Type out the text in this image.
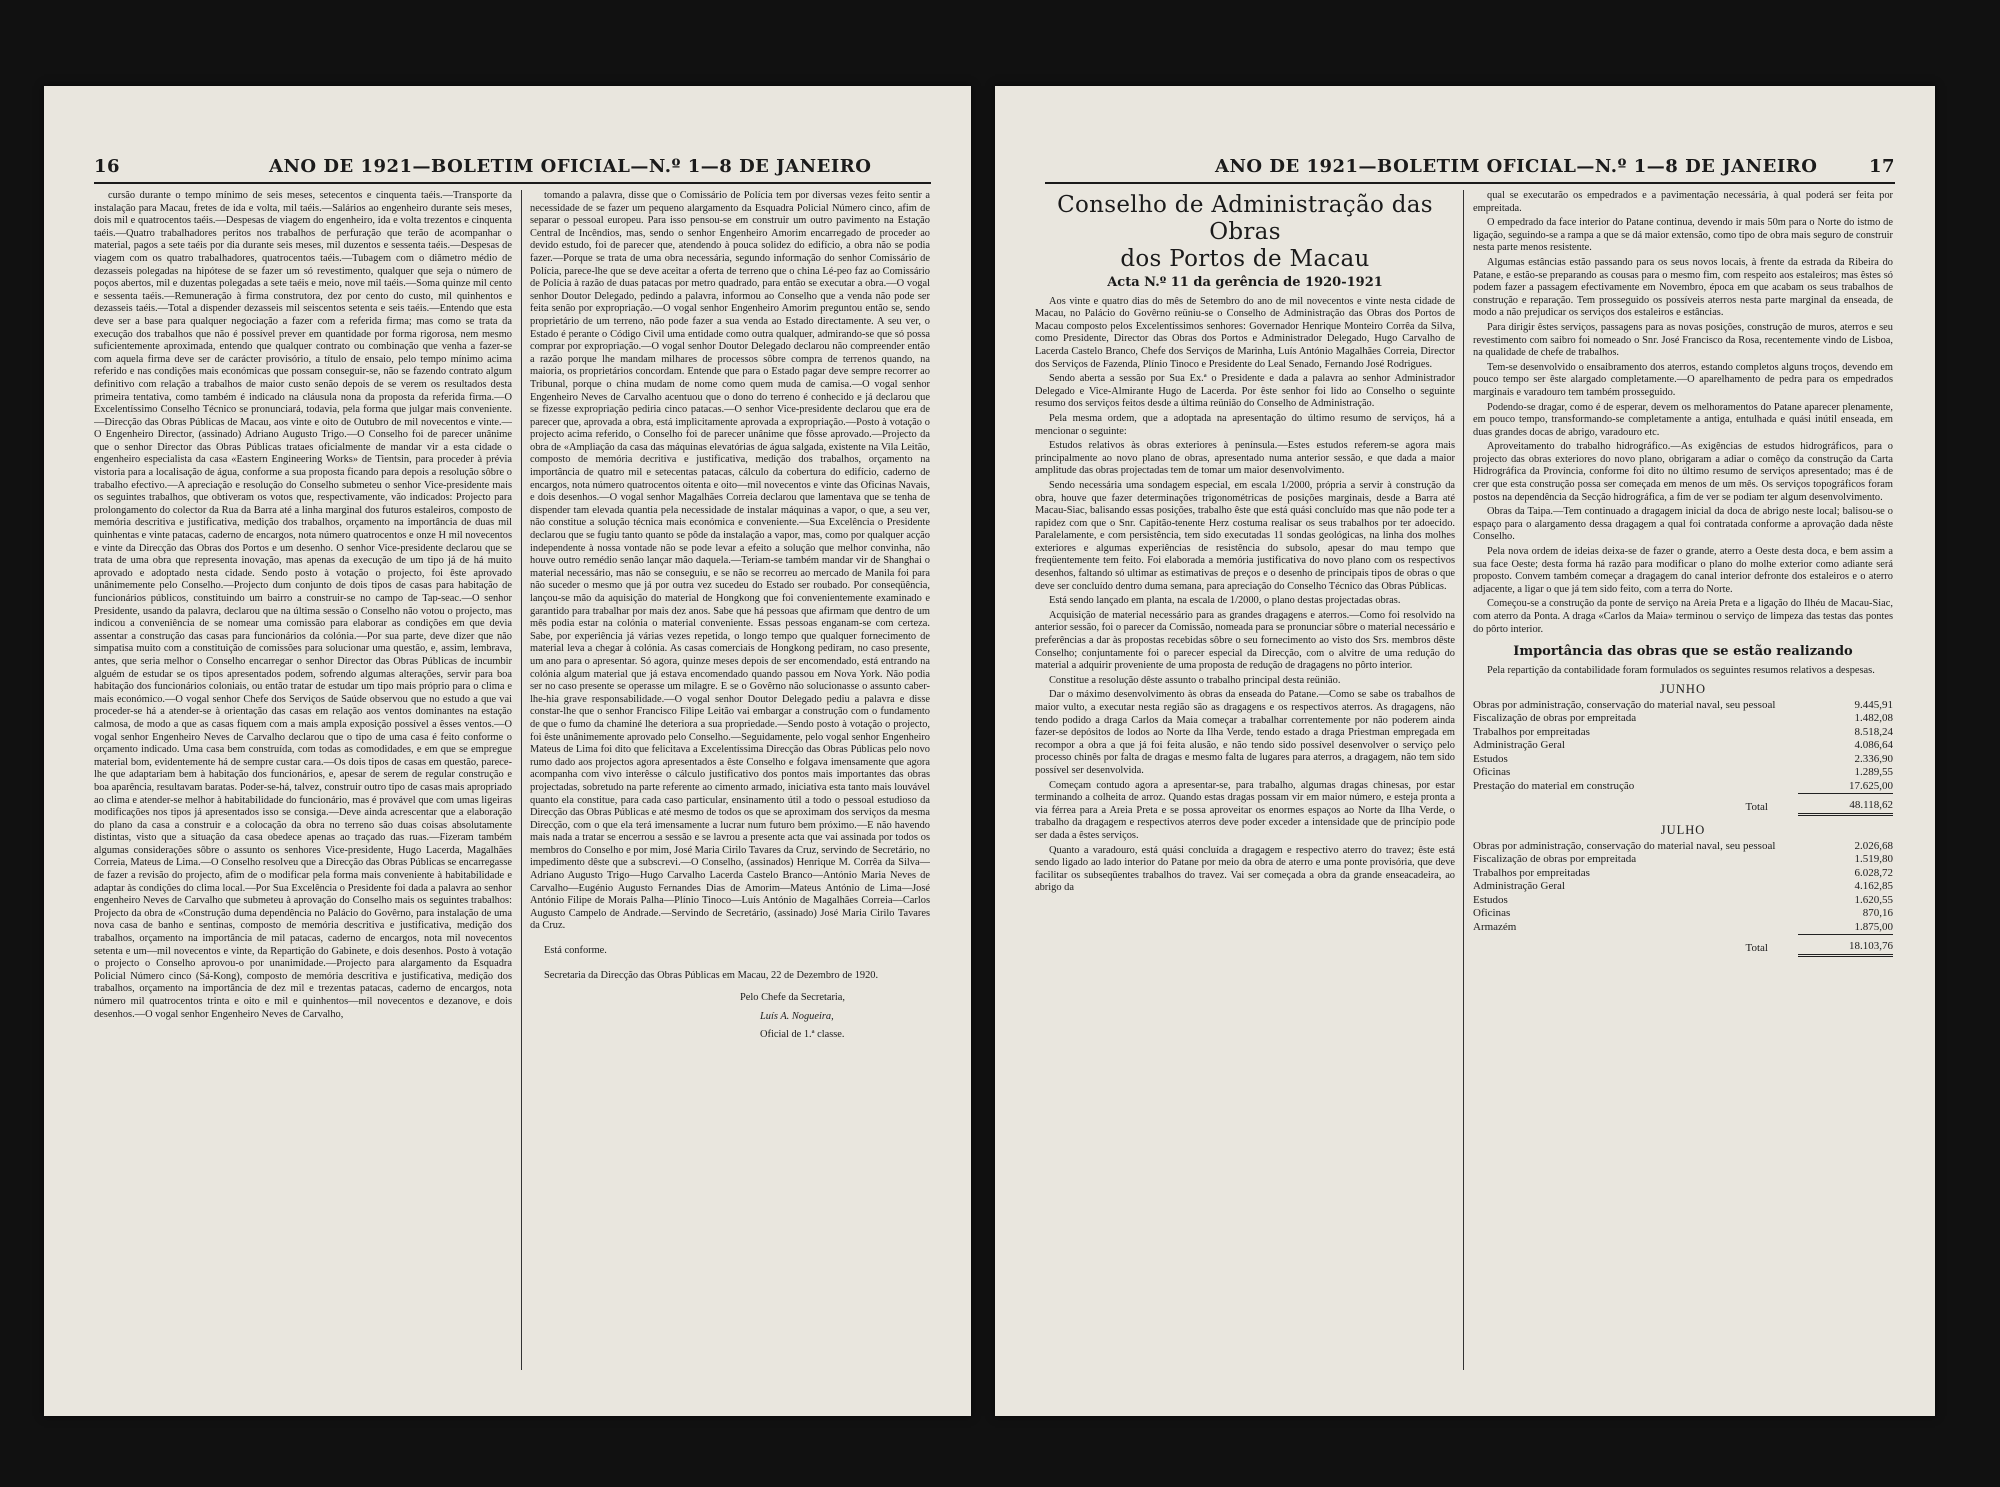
16	ANO DE 1921—BOLETIM OFICIAL—N.º 1—8 DE JANEIRO

cursão durante o tempo mínimo de seis meses, setecentos e cinquenta taéis.—Transporte da instalação para Macau, fretes de ida e volta, mil taéis.—Salários ao engenheiro durante seis meses, dois mil e quatrocentos taéis.—Despesas de viagem do engenheiro, ida e volta trezentos e cinquenta taéis.—Quatro trabalhadores peritos nos trabalhos de perfuração que terão de acompanhar o material, pagos a sete taéis por dia durante seis meses, mil duzentos e sessenta taéis.—Despesas de viagem com os quatro trabalhadores, quatrocentos taéis.—Tubagem com o diâmetro médio de dezasseis polegadas na hipótese de se fazer um só revestimento, qualquer que seja o número de poços abertos, mil e duzentas polegadas a sete taéis e meio, nove mil taéis.—Soma quinze mil cento e sessenta taéis.—Remuneração à firma construtora, dez por cento do custo, mil quinhentos e dezasseis taéis.—Total a dispender dezasseis mil seiscentos setenta e seis taéis.—Entendo que esta deve ser a base para qualquer negociação a fazer com a referida firma; mas como se trata da execução dos trabalhos que não é possível prever em quantidade por forma rigorosa, nem mesmo suficientemente aproximada, entendo que qualquer contrato ou combinação que venha a fazer-se com aquela firma deve ser de carácter provisório, a título de ensaio, pelo tempo mínimo acima referido e nas condições mais económicas que possam conseguir-se, não se fazendo contrato algum definitivo com relação a trabalhos de maior custo senão depois de se verem os resultados desta primeira tentativa, como também é indicado na cláusula nona da proposta da referida firma.—O Excelentíssimo Conselho Técnico se pronunciará, todavia, pela forma que julgar mais conveniente.—Direcção das Obras Públicas de Macau, aos vinte e oito de Outubro de mil novecentos e vinte.—O Engenheiro Director, (assinado) Adriano Augusto Trigo.—O Conselho foi de parecer unânime que o senhor Director das Obras Públicas trataes oficialmente de mandar vir a esta cidade o engenheiro especialista da casa «Eastern Engineering Works» de Tientsin, para proceder à prévia vistoria para a localisação de água, conforme a sua proposta ficando para depois a resolução sôbre o trabalho efectivo.—A apreciação e resolução do Conselho submeteu o senhor Vice-presidente mais os seguintes trabalhos, que obtiveram os votos que, respectivamente, vão indicados: Projecto para prolongamento do colector da Rua da Barra até a linha marginal dos futuros estaleiros, composto de memória descritiva e justificativa, medição dos trabalhos, orçamento na importância de duas mil quinhentas e vinte patacas, caderno de encargos, nota número quatrocentos e onze H mil novecentos e vinte da Direcção das Obras dos Portos e um desenho. O senhor Vice-presidente declarou que se trata de uma obra que representa inovação, mas apenas da execução de um tipo já de há muito aprovado e adoptado nesta cidade. Sendo posto à votação o projecto, foi êste aprovado unânimemente pelo Conselho.—Projecto dum conjunto de dois tipos de casas para habitação de funcionários públicos, constituindo um bairro a construir-se no campo de Tap-seac.—O senhor Presidente, usando da palavra, declarou que na última sessão o Conselho não votou o projecto, mas indicou a conveniência de se nomear uma comissão para elaborar as condições em que devia assentar a construção das casas para funcionários da colónia.—Por sua parte, deve dizer que não simpatisa muito com a constituição de comissões para solucionar uma questão, e, assim, lembrava, antes, que seria melhor o Conselho encarregar o senhor Director das Obras Públicas de incumbir alguém de estudar se os tipos apresentados podem, sofrendo algumas alterações, servir para boa habitação dos funcionários coloniais, ou então tratar de estudar um tipo mais próprio para o clima e mais económico.—O vogal senhor Chefe dos Serviços de Saúde observou que no estudo a que vai proceder-se há a atender-se à orientação das casas em relação aos ventos dominantes na estação calmosa, de modo a que as casas fiquem com a mais ampla exposição possível a êsses ventos.—O vogal senhor Engenheiro Neves de Carvalho declarou que o tipo de uma casa é feito conforme o orçamento indicado. Uma casa bem construída, com todas as comodidades, e em que se empregue material bom, evidentemente há de sempre custar cara.—Os dois tipos de casas em questão, parece-lhe que adaptariam bem à habitação dos funcionários, e, apesar de serem de regular construção e boa aparência, resultavam baratas. Poder-se-há, talvez, construir outro tipo de casas mais apropriado ao clima e atender-se melhor à habitabilidade do funcionário, mas é provável que com umas ligeiras modificações nos tipos já apresentados isso se consiga.—Deve ainda acrescentar que a elaboração do plano da casa a construir e a colocação da obra no terreno são duas coisas absolutamente distintas, visto que a situação da casa obedece apenas ao traçado das ruas.—Fizeram também algumas considerações sôbre o assunto os senhores Vice-presidente, Hugo Lacerda, Magalhães Correia, Mateus de Lima.—O Conselho resolveu que a Direcção das Obras Públicas se encarregasse de fazer a revisão do projecto, afim de o modificar pela forma mais conveniente à habitabilidade e adaptar às condições do clima local.—Por Sua Excelência o Presidente foi dada a palavra ao senhor engenheiro Neves de Carvalho que submeteu à aprovação do Conselho mais os seguintes trabalhos: Projecto da obra de «Construção duma dependência no Palácio do Govêrno, para instalação de uma nova casa de banho e sentinas, composto de memória descritiva e justificativa, medição dos trabalhos, orçamento na importância de mil patacas, caderno de encargos, nota mil novecentos setenta e um—mil novecentos e vinte, da Repartição do Gabinete, e dois desenhos. Posto à votação o projecto o Conselho aprovou-o por unanimidade.—Projecto para alargamento da Esquadra Policial Número cinco (Sá-Kong), composto de memória descritiva e justificativa, medição dos trabalhos, orçamento na importância de dez mil e trezentas patacas, caderno de encargos, nota número mil quatrocentos trinta e oito e mil e quinhentos—mil novecentos e dezanove, e dois desenhos.—O vogal senhor Engenheiro Neves de Carvalho,

tomando a palavra, disse que o Comissário de Polícia tem por diversas vezes feito sentir a necessidade de se fazer um pequeno alargamento da Esquadra Policial Número cinco, afim de separar o pessoal europeu. Para isso pensou-se em construir um outro pavimento na Estação Central de Incêndios, mas, sendo o senhor Engenheiro Amorim encarregado de proceder ao devido estudo, foi de parecer que, atendendo à pouca solidez do edifício, a obra não se podia fazer.—Porque se trata de uma obra necessária, segundo informação do senhor Comissário de Polícia, parece-lhe que se deve aceitar a oferta de terreno que o china Lé-peo faz ao Comissário de Polícia à razão de duas patacas por metro quadrado, para então se executar a obra.—O vogal senhor Doutor Delegado, pedindo a palavra, informou ao Conselho que a venda não pode ser feita senão por expropriação.—O vogal senhor Engenheiro Amorim preguntou então se, sendo proprietário de um terreno, não pode fazer a sua venda ao Estado directamente. A seu ver, o Estado é perante o Código Civil uma entidade como outra qualquer, admirando-se que só possa comprar por expropriação.—O vogal senhor Doutor Delegado declarou não compreender então a razão porque lhe mandam milhares de processos sôbre compra de terrenos quando, na maioria, os proprietários concordam. Entende que para o Estado pagar deve sempre recorrer ao Tribunal, porque o china mudam de nome como quem muda de camisa.—O vogal senhor Engenheiro Neves de Carvalho acentuou que o dono do terreno é conhecido e já declarou que se fizesse expropriação pediria cinco patacas.—O senhor Vice-presidente declarou que era de parecer que, aprovada a obra, está implìcitamente aprovada a expropriação.—Posto à votação o projecto acima referido, o Conselho foi de parecer unânime que fôsse aprovado.—Projecto da obra de «Ampliação da casa das máquinas elevatórias de água salgada, existente na Vila Leitão, composto de memória decritiva e justificativa, medição dos trabalhos, orçamento na importância de quatro mil e setecentas patacas, cálculo da cobertura do edifício, caderno de encargos, nota número quatrocentos oitenta e oito—mil novecentos e vinte das Oficinas Navais, e dois desenhos.—O vogal senhor Magalhães Correia declarou que lamentava que se tenha de dispender tam elevada quantia pela necessidade de instalar máquinas a vapor, o que, a seu ver, não constitue a solução técnica mais económica e conveniente.—Sua Excelência o Presidente declarou que se fugiu tanto quanto se pôde da instalação a vapor, mas, como por qualquer acção independente à nossa vontade não se pode levar a efeito a solução que melhor convinha, não houve outro remédio senão lançar mão daquela.—Teriam-se também mandar vir de Shanghai o material necessário, mas não se conseguiu, e se não se recorreu ao mercado de Manila foi para não suceder o mesmo que já por outra vez sucedeu do Estado ser roubado. Por conseqüência, lançou-se mão da aquisição do material de Hongkong que foi convenientemente examinado e garantido para trabalhar por mais dez anos. Sabe que há pessoas que afirmam que dentro de um mês podia estar na colónia o material conveniente. Essas pessoas enganam-se com certeza. Sabe, por experiência já várias vezes repetida, o longo tempo que qualquer fornecimento de material leva a chegar à colónia. As casas comerciais de Hongkong pediram, no caso presente, um ano para o apresentar. Só agora, quinze meses depois de ser encomendado, está entrando na colónia algum material que já estava encomendado quando passou em Nova York. Não podia ser no caso presente se operasse um milagre. E se o Govêrno não solucionasse o assunto caber-lhe-hia grave responsabilidade.—O vogal senhor Doutor Delegado pediu a palavra e disse constar-lhe que o senhor Francisco Filipe Leitão vai embargar a construção com o fundamento de que o fumo da chaminé lhe deteriora a sua propriedade.—Sendo posto à votação o projecto, foi êste unânimemente aprovado pelo Conselho.—Seguidamente, pelo vogal senhor Engenheiro Mateus de Lima foi dito que felicitava a Excelentíssima Direcção das Obras Públicas pelo novo rumo dado aos projectos agora apresentados a êste Conselho e folgava imensamente que agora acompanha com vivo interêsse o cálculo justificativo dos pontos mais importantes das obras projectadas, sobretudo na parte referente ao cimento armado, iniciativa esta tanto mais louvável quanto ela constitue, para cada caso particular, ensinamento útil a todo o pessoal estudioso da Direcção das Obras Públicas e até mesmo de todos os que se aproximam dos serviços da mesma Direcção, com o que ela terá imensamente a lucrar num futuro bem próximo.—E não havendo mais nada a tratar se encerrou a sessão e se lavrou a presente acta que vai assinada por todos os membros do Conselho e por mim, José Maria Cirilo Tavares da Cruz, servindo de Secretário, no impedimento dêste que a subscrevi.—O Conselho, (assinados) Henrique M. Corrêa da Silva—Adriano Augusto Trigo—Hugo Carvalho Lacerda Castelo Branco—António Maria Neves de Carvalho—Eugénio Augusto Fernandes Dias de Amorim—Mateus António de Lima—José António Filipe de Morais Palha—Plínio Tinoco—Luís António de Magalhães Correia—Carlos Augusto Campelo de Andrade.—Servindo de Secretário, (assinado) José Maria Cirilo Tavares da Cruz.

Está conforme.

Secretaria da Direcção das Obras Públicas em Macau, 22 de Dezembro de 1920.

Pelo Chefe da Secretaria,

Luís A. Nogueira,

Oficial de 1.ª classe.

ANO DE 1921—BOLETIM OFICIAL—N.º 1—8 DE JANEIRO	17
Conselho de Administração das Obras
dos Portos de Macau
Acta N.º 11 da gerência de 1920-1921

Aos vinte e quatro dias do mês de Setembro do ano de mil novecentos e vinte nesta cidade de Macau, no Palácio do Govêrno reüniu-se o Conselho de Administração das Obras dos Portos de Macau composto pelos Excelentíssimos senhores: Governador Henrique Monteiro Corrêa da Silva, como Presidente, Director das Obras dos Portos e Administrador Delegado, Hugo Carvalho de Lacerda Castelo Branco, Chefe dos Serviços de Marinha, Luís António Magalhães Correia, Director dos Serviços de Fazenda, Plínio Tinoco e Presidente do Leal Senado, Fernando José Rodrigues.

Sendo aberta a sessão por Sua Ex.ª o Presidente e dada a palavra ao senhor Administrador Delegado e Vice-Almirante Hugo de Lacerda. Por êste senhor foi lido ao Conselho o seguinte resumo dos serviços feitos desde a última reünião do Conselho de Administração.

Pela mesma ordem, que a adoptada na apresentação do último resumo de serviços, há a mencionar o seguinte:

Estudos relativos às obras exteriores à península.—Estes estudos referem-se agora mais principalmente ao novo plano de obras, apresentado numa anterior sessão, e que dada a maior amplitude das obras projectadas tem de tomar um maior desenvolvimento.

Sendo necessária uma sondagem especial, em escala 1/2000, própria a servir à construção da obra, houve que fazer determinações trigonométricas de posições marginais, desde a Barra até Macau-Siac, balisando essas posições, trabalho êste que está quási concluído mas que não pode ter a rapidez com que o Snr. Capitão-tenente Herz costuma realisar os seus trabalhos por ter adoecido. Paralelamente, e com persistência, tem sido executadas 11 sondas geológicas, na linha dos molhes exteriores e algumas experiências de resistência do subsolo, apesar do mau tempo que freqüentemente tem feito. Foi elaborada a memória justificativa do novo plano com os respectivos desenhos, faltando só ultimar as estimativas de preços e o desenho de principais tipos de obras o que deve ser concluído dentro duma semana, para apreciação do Conselho Técnico das Obras Públicas.

Está sendo lançado em planta, na escala de 1/2000, o plano destas projectadas obras.

Acquisição de material necessário para as grandes dragagens e aterros.—Como foi resolvido na anterior sessão, foi o parecer da Comissão, nomeada para se pronunciar sôbre o material necessário e preferências a dar às propostas recebidas sôbre o seu fornecimento ao visto dos Srs. membros dêste Conselho; conjuntamente foi o parecer especial da Direcção, com o alvitre de uma redução do material a adquirir proveniente de uma proposta de redução de dragagens no pôrto interior.

Constitue a resolução dêste assunto o trabalho principal desta reünião.

Dar o máximo desenvolvimento às obras da enseada do Patane.—Como se sabe os trabalhos de maior vulto, a executar nesta região são as dragagens e os respectivos aterros. As dragagens, não tendo podido a draga Carlos da Maia começar a trabalhar correntemente por não poderem ainda fazer-se depósitos de lodos ao Norte da Ilha Verde, tendo estado a draga Priestman empregada em recompor a obra a que já foi feita alusão, e não tendo sido possível desenvolver o serviço pelo processo chinês por falta de dragas e mesmo falta de lugares para aterros, a dragagem, não tem sido possível ser desenvolvida.

Começam contudo agora a apresentar-se, para trabalho, algumas dragas chinesas, por estar terminando a colheita de arroz. Quando estas dragas possam vir em maior número, e esteja pronta a via férrea para a Areia Preta e se possa aproveitar os enormes espaços ao Norte da Ilha Verde, o trabalho da dragagem e respectivos aterros deve poder exceder a intensidade que de princípio pode ser dada a êstes serviços.

Quanto a varadouro, está quási concluída a dragagem e respectivo aterro do travez; êste está sendo ligado ao lado interior do Patane por meio da obra de aterro e uma ponte provisória, que deve facilitar os subseqüentes trabalhos do travez. Vai ser começada a obra da grande enseacadeira, ao abrigo da

qual se executarão os empedrados e a pavimentação necessária, à qual poderá ser feita por empreitada.

O empedrado da face interior do Patane continua, devendo ir mais 50m para o Norte do istmo de ligação, seguindo-se a rampa a que se dá maior extensão, como tipo de obra mais seguro de construir nesta parte menos resistente.

Algumas estâncias estão passando para os seus novos locais, à frente da estrada da Ribeira do Patane, e estão-se preparando as cousas para o mesmo fim, com respeito aos estaleiros; mas êstes só podem fazer a passagem efectivamente em Novembro, época em que acabam os seus trabalhos de construção e reparação. Tem prosseguido os possíveis aterros nesta parte marginal da enseada, de modo a não prejudicar os serviços dos estaleiros e estâncias.

Para dirigir êstes serviços, passagens para as novas posições, construção de muros, aterros e seu revestimento com saibro foi nomeado o Snr. José Francisco da Rosa, recentemente vindo de Lisboa, na qualidade de chefe de trabalhos.

Tem-se desenvolvido o ensaibramento dos aterros, estando completos alguns troços, devendo em pouco tempo ser êste alargado completamente.—O aparelhamento de pedra para os empedrados marginais e varadouro tem também prosseguido.

Podendo-se dragar, como é de esperar, devem os melhoramentos do Patane aparecer plenamente, em pouco tempo, transformando-se completamente a antiga, entulhada e quási inútil enseada, em duas grandes docas de abrigo, varadouro etc.

Aproveitamento do trabalho hidrográfico.—As exigências de estudos hidrográficos, para o projecto das obras exteriores do novo plano, obrigaram a adiar o comêço da construção da Carta Hidrográfica da Província, conforme foi dito no último resumo de serviços apresentado; mas é de crer que esta construção possa ser começada em menos de um mês. Os serviços topográficos foram postos na dependência da Secção hidrográfica, a fim de ver se podiam ter algum desenvolvimento.

Obras da Taipa.—Tem continuado a dragagem inicial da doca de abrigo neste local; balisou-se o espaço para o alargamento dessa dragagem a qual foi contratada conforme a aprovação dada nêste Conselho.

Pela nova ordem de ideias deixa-se de fazer o grande, aterro a Oeste desta doca, e bem assim a sua face Oeste; desta forma há razão para modificar o plano do molhe exterior como adiante será proposto. Convem também começar a dragagem do canal interior defronte dos estaleiros e o aterro adjacente, a ligar o que já tem sido feito, com a terra do Norte.

Começou-se a construção da ponte de serviço na Areia Preta e a ligação do Ilhéu de Macau-Siac, com aterro da Ponta. A draga «Carlos da Maia» terminou o serviço de limpeza das testas das pontes do pôrto interior.

Importância das obras que se estão realizando

Pela repartição da contabilidade foram formulados os seguintes resumos relativos a despesas.

JUNHO
Obras por administração, conservação do material naval, seu pessoal	9.445,91
Fiscalização de obras por empreitada	1.482,08
Trabalhos por empreitadas	8.518,24
Administração Geral	4.086,64
Estudos	2.336,90
Oficinas	1.289,55
Prestação do material em construção	17.625,00
Total	48.118,62
JULHO
Obras por administração, conservação do material naval, seu pessoal	2.026,68
Fiscalização de obras por empreitada	1.519,80
Trabalhos por empreitadas	6.028,72
Administração Geral	4.162,85
Estudos	1.620,55
Oficinas	870,16
Armazém	1.875,00
Total	18.103,76
